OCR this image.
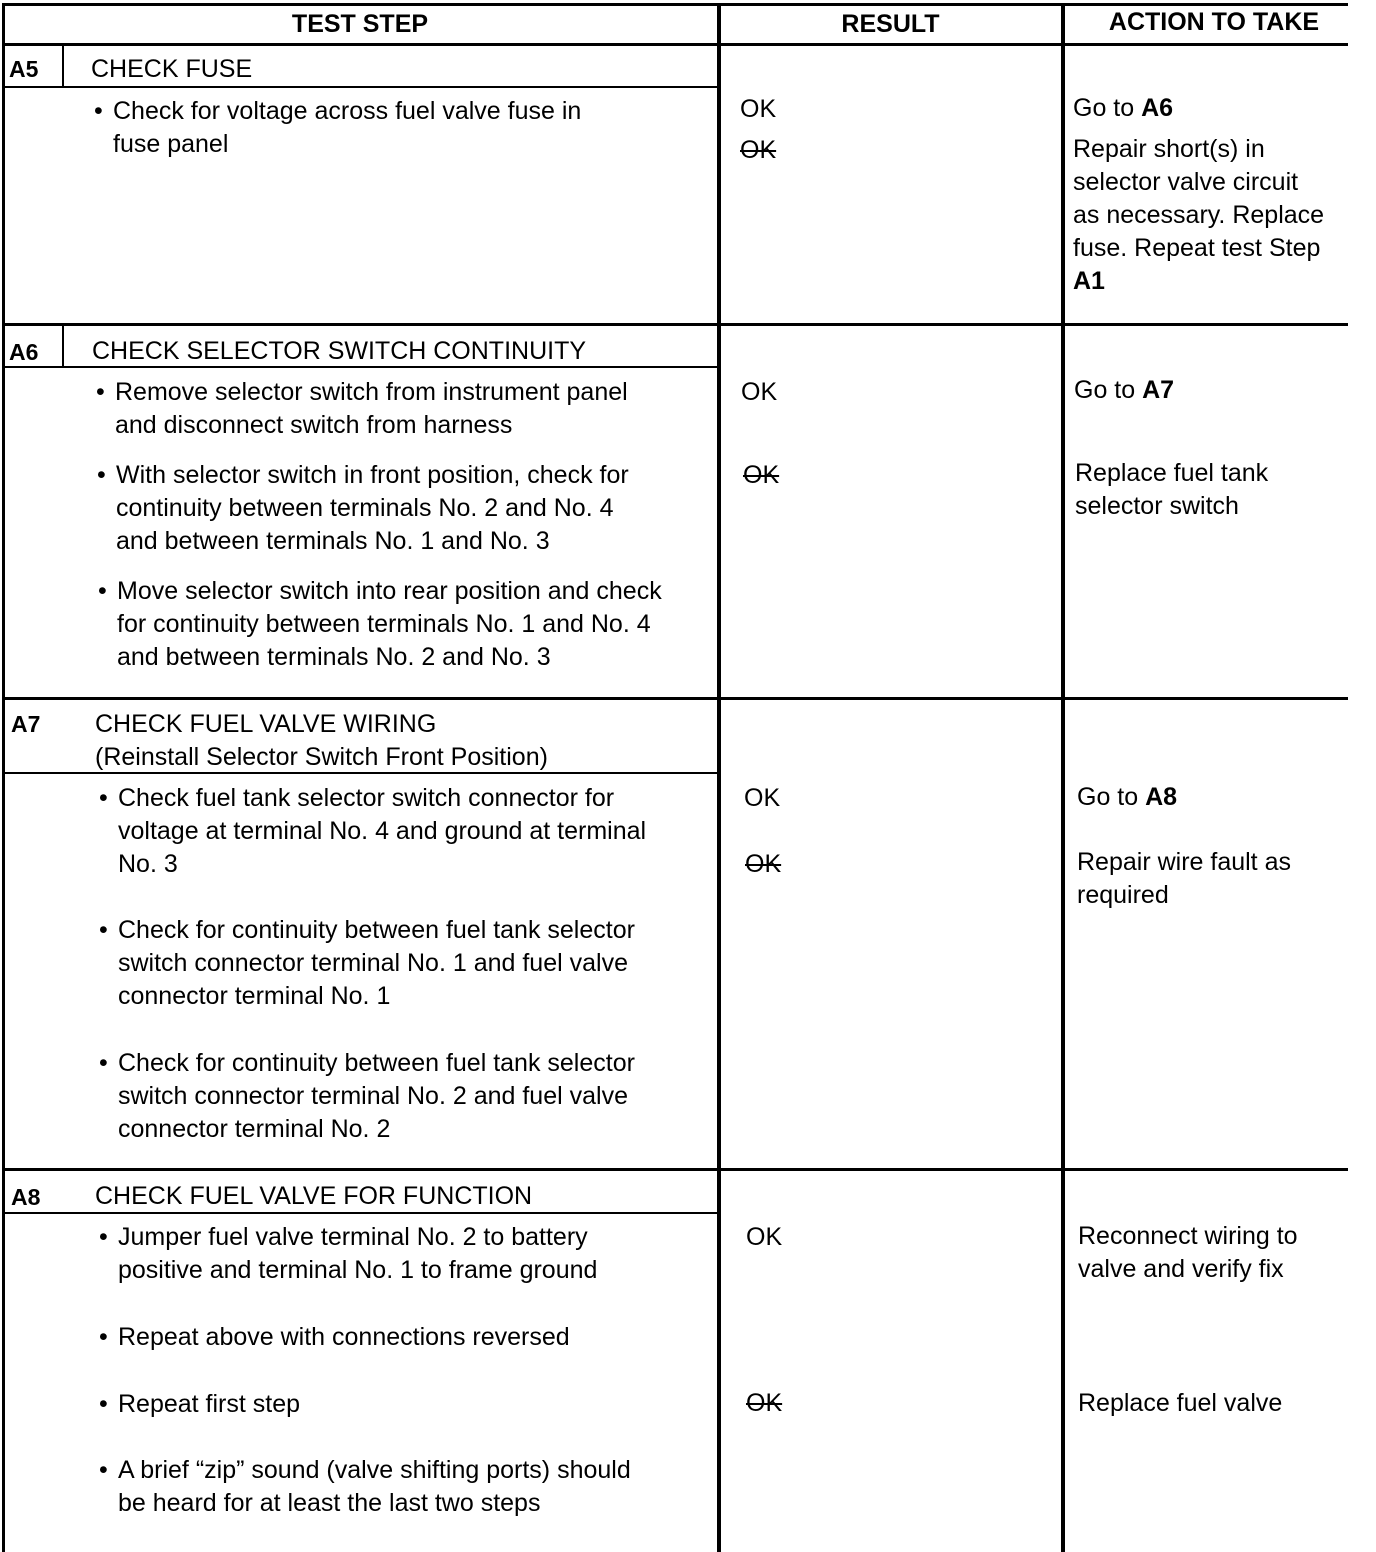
TEST STEP	RESULT	ACTION TO TAKE
A5 CHECK FUSE
• Check for voltage across fuel valve fuse in
fuse panel
OK
OK
Go to A6
Repair short(s) in
selector valve circuit
as necessary. Replace
fuse. Repeat test Step
A1
A6 CHECK SELECTOR SWITCH CONTINUITY
• Remove selector switch from instrument panel
and disconnect switch from harness
• With selector switch in front position, check for
continuity between terminals No. 2 and No. 4
and between terminals No. 1 and No. 3
• Move selector switch into rear position and check
for continuity between terminals No. 1 and No. 4
and between terminals No. 2 and No. 3
OK
OK
Go to A7
Replace fuel tank
selector switch
A7 CHECK FUEL VALVE WIRING
(Reinstall Selector Switch Front Position)
• Check fuel tank selector switch connector for
voltage at terminal No. 4 and ground at terminal
No. 3
• Check for continuity between fuel tank selector
switch connector terminal No. 1 and fuel valve
connector terminal No. 1
• Check for continuity between fuel tank selector
switch connector terminal No. 2 and fuel valve
connector terminal No. 2
OK
OK
Go to A8
Repair wire fault as
required
A8 CHECK FUEL VALVE FOR FUNCTION
• Jumper fuel valve terminal No. 2 to battery
positive and terminal No. 1 to frame ground
• Repeat above with connections reversed
• Repeat first step
• A brief “zip” sound (valve shifting ports) should
be heard for at least the last two steps
OK
OK
Reconnect wiring to
valve and verify fix
Replace fuel valve
